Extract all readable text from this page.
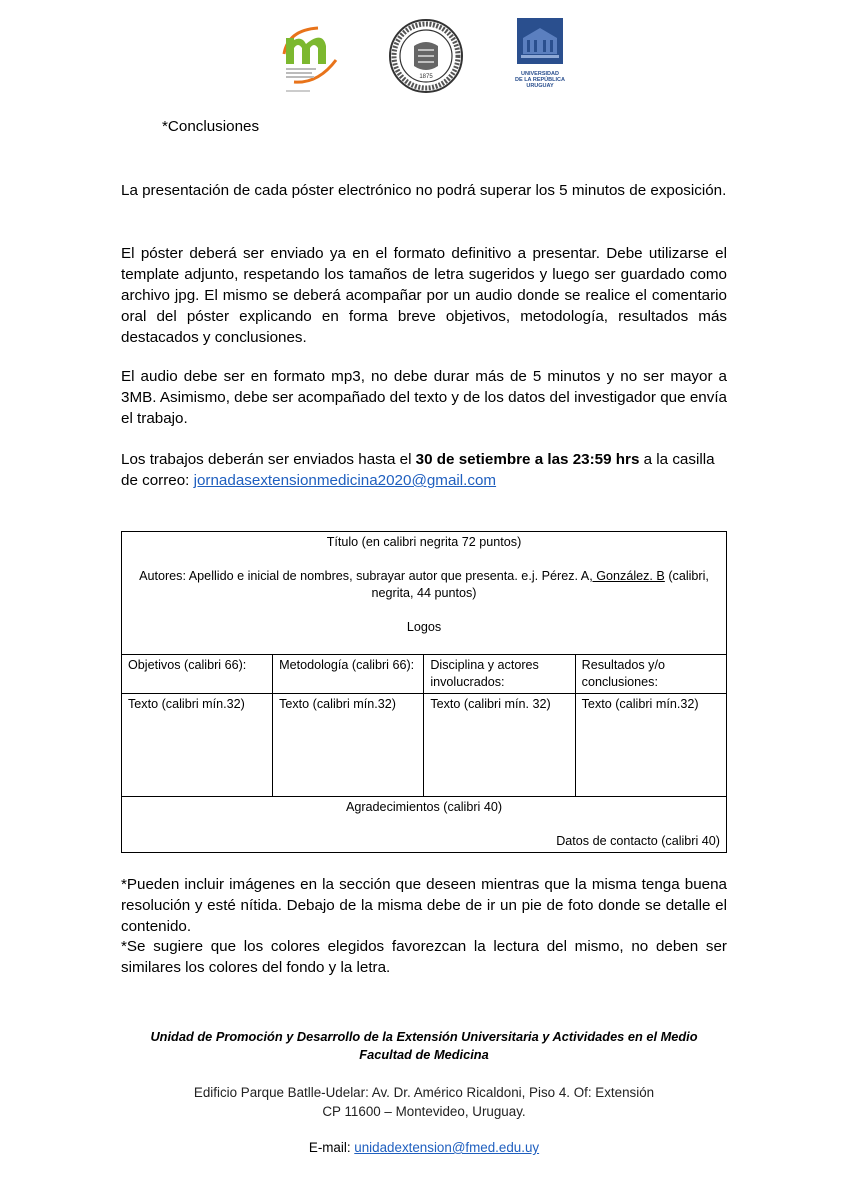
1875	UNIVERSIDAD
DE LA REPÚBLICA
URUGUAY
*Conclusiones
La presentación de cada póster electrónico no podrá superar los 5 minutos de exposición.
El póster deberá ser enviado ya en el formato definitivo a presentar. Debe utilizarse el template adjunto, respetando los tamaños de letra sugeridos y luego ser guardado como archivo jpg. El mismo se deberá acompañar por un audio donde se realice el comentario oral del póster explicando en forma breve objetivos, metodología, resultados más destacados y conclusiones.
El audio debe ser en formato mp3, no debe durar más de 5 minutos y no ser mayor a 3MB. Asimismo, debe ser acompañado del texto y de los datos del investigador que envía el trabajo.
Los trabajos deberán ser enviados hasta el 30 de setiembre a las 23:59 hrs a la casilla de correo: jornadasextensionmedicina2020@gmail.com
Título (en calibri negrita 72 puntos)
Autores: Apellido e inicial de nombres, subrayar autor que presenta. e.j. Pérez. A, González. B (calibri, negrita, 44 puntos)
Logos			

Objetivos (calibri 66):	Metodología (calibri 66):	Disciplina y actores involucrados:	Resultados y/o conclusiones:
Texto (calibri mín.32)	Texto (calibri mín.32)	Texto (calibri mín. 32)	Texto (calibri mín.32)

Agradecimientos (calibri 40)
Datos de contacto (calibri 40)			
*Pueden incluir imágenes en la sección que deseen mientras que la misma tenga buena resolución y esté nítida. Debajo de la misma debe de ir un pie de foto donde se detalle el contenido.
*Se sugiere que los colores elegidos favorezcan la lectura del mismo, no deben ser similares los colores del fondo y la letra.
Unidad de Promoción y Desarrollo de la Extensión Universitaria y Actividades en el Medio
Facultad de Medicina
Edificio Parque Batlle-Udelar: Av. Dr. Américo Ricaldoni, Piso 4. Of: Extensión
CP 11600 – Montevideo, Uruguay.
E-mail: unidadextension@fmed.edu.uy
